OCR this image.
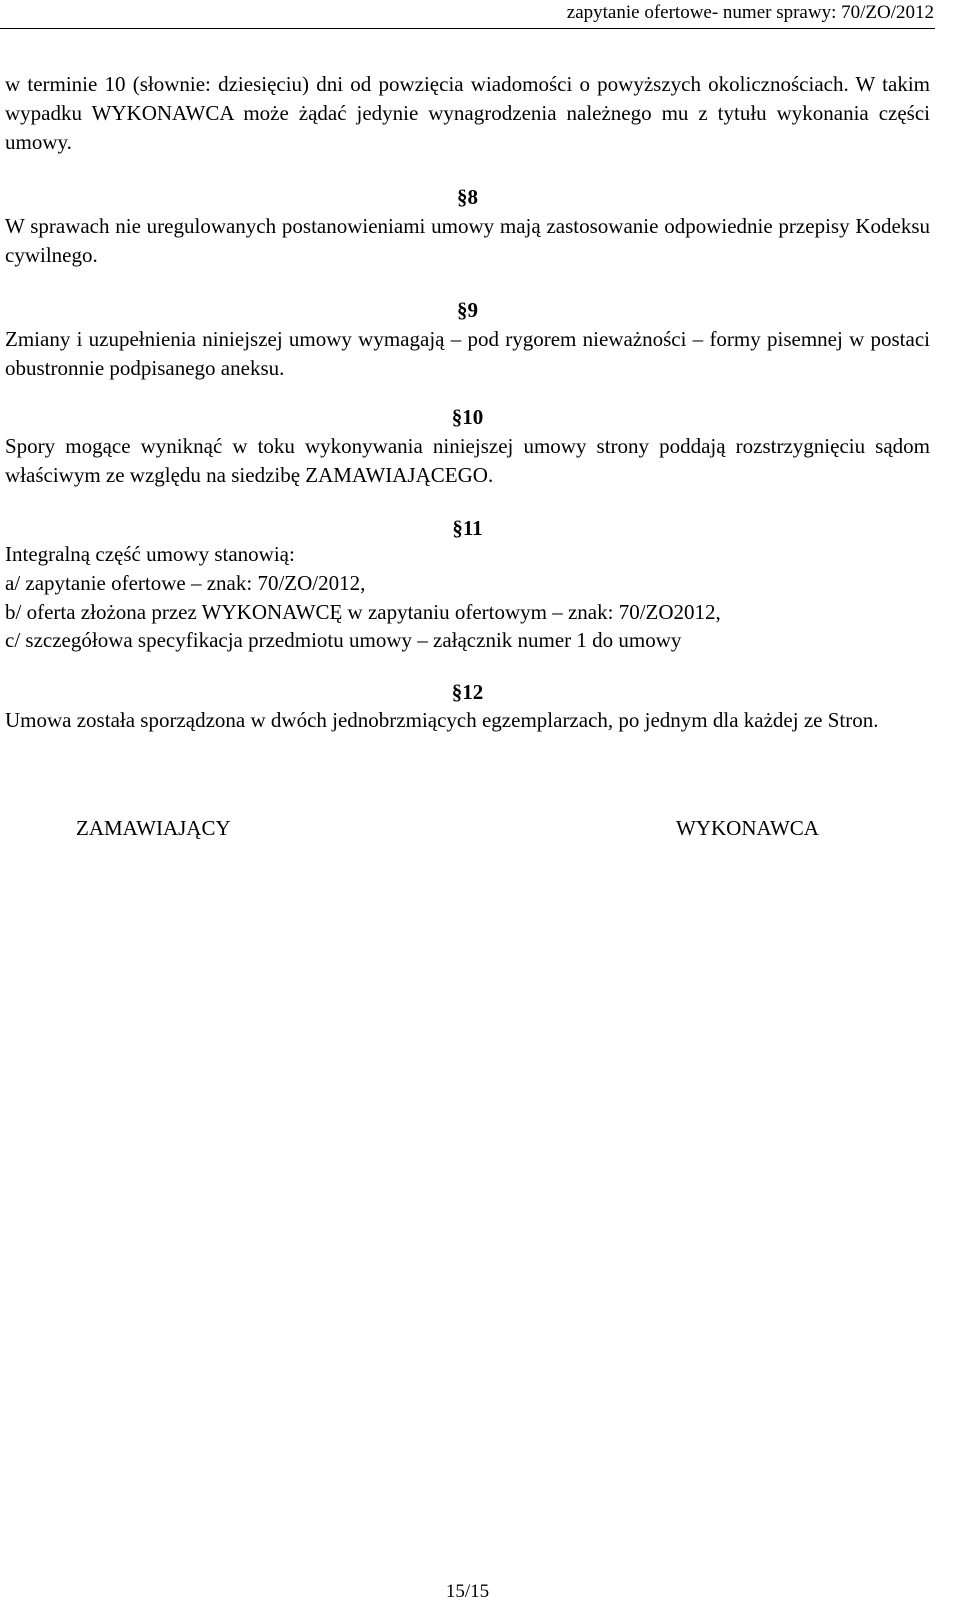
zapytanie ofertowe- numer sprawy: 70/ZO/2012

w terminie 10 (słownie: dziesięciu) dni od powzięcia wiadomości o powyższych okolicznościach. W takim wypadku WYKONAWCA może żądać jedynie wynagrodzenia należnego mu z tytułu wykonania części umowy.

§8

W sprawach nie uregulowanych postanowieniami umowy mają zastosowanie odpowiednie przepisy Kodeksu cywilnego.

§9

Zmiany i uzupełnienia niniejszej umowy wymagają – pod rygorem nieważności – formy pisemnej w postaci obustronnie podpisanego aneksu.

§10

Spory mogące wyniknąć w toku wykonywania niniejszej umowy strony poddają rozstrzygnięciu sądom właściwym ze względu na siedzibę ZAMAWIAJĄCEGO.

§11

Integralną część umowy stanowią:

a/ zapytanie ofertowe – znak: 70/ZO/2012,

b/ oferta złożona przez WYKONAWCĘ w zapytaniu ofertowym – znak: 70/ZO2012,

c/ szczegółowa specyfikacja przedmiotu umowy – załącznik numer 1 do umowy

§12

Umowa została sporządzona w dwóch jednobrzmiących egzemplarzach, po jednym dla każdej ze Stron.

ZAMAWIAJĄCY	WYKONAWCA
15/15
